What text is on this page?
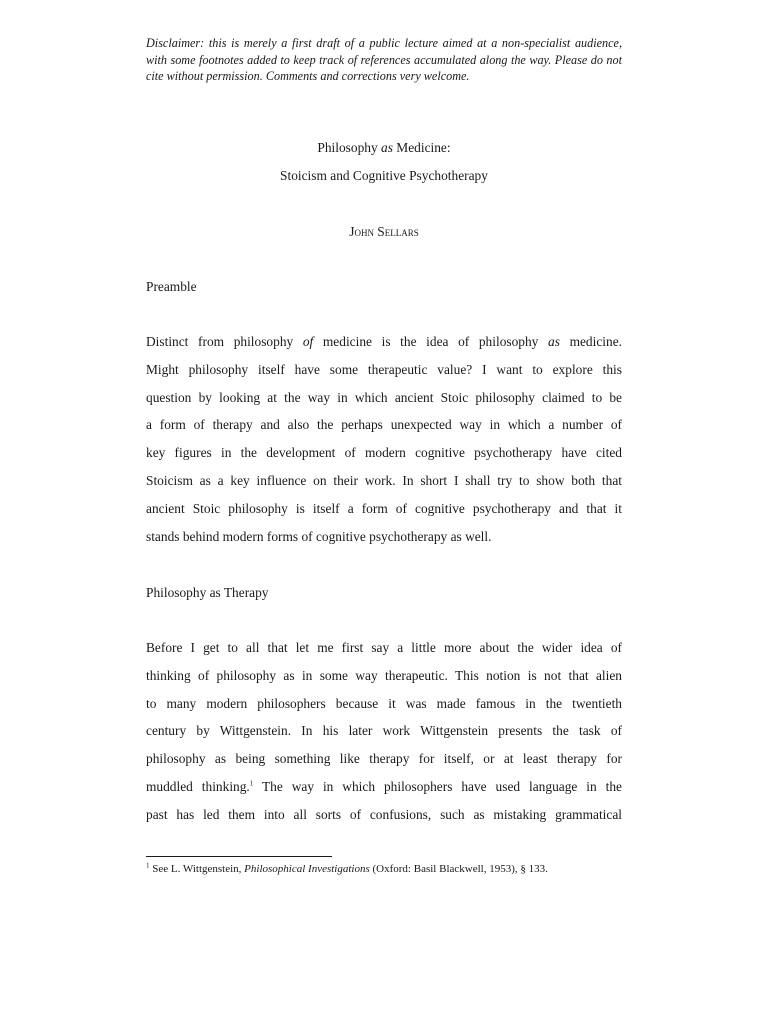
Disclaimer: this is merely a first draft of a public lecture aimed at a non-specialist audience, with some footnotes added to keep track of references accumulated along the way. Please do not cite without permission. Comments and corrections very welcome.
Philosophy as Medicine:
Stoicism and Cognitive Psychotherapy
John Sellars
Preamble
Distinct from philosophy of medicine is the idea of philosophy as medicine.
Might philosophy itself have some therapeutic value? I want to explore this
question by looking at the way in which ancient Stoic philosophy claimed to be
a form of therapy and also the perhaps unexpected way in which a number of
key figures in the development of modern cognitive psychotherapy have cited
Stoicism as a key influence on their work. In short I shall try to show both that
ancient Stoic philosophy is itself a form of cognitive psychotherapy and that it
stands behind modern forms of cognitive psychotherapy as well.
Philosophy as Therapy
Before I get to all that let me first say a little more about the wider idea of
thinking of philosophy as in some way therapeutic. This notion is not that alien
to many modern philosophers because it was made famous in the twentieth
century by Wittgenstein. In his later work Wittgenstein presents the task of
philosophy as being something like therapy for itself, or at least therapy for
muddled thinking.$^1$ The way in which philosophers have used language in the
past has led them into all sorts of confusions, such as mistaking grammatical
$^1$ See L. Wittgenstein, Philosophical Investigations (Oxford: Basil Blackwell, 1953), § 133.
